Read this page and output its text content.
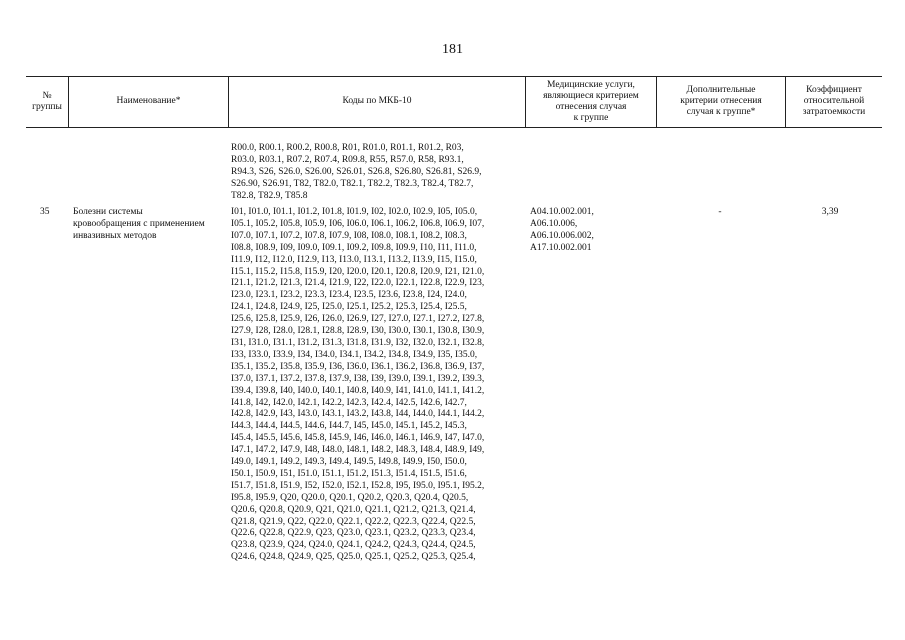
181
№
группы
Наименование*	Коды по МКБ-10
Медицинские услуги,
являющиеся критерием
отнесения случая
к группе
Дополнительные
критерии отнесения
случая к группе*
Коэффициент
относительной
затратоемкости
R00.0, R00.1, R00.2, R00.8, R01, R01.0, R01.1, R01.2, R03,
R03.0, R03.1, R07.2, R07.4, R09.8, R55, R57.0, R58, R93.1,
R94.3, S26, S26.0, S26.00, S26.01, S26.8, S26.80, S26.81, S26.9,
S26.90, S26.91, T82, T82.0, T82.1, T82.2, T82.3, T82.4, T82.7,
T82.8, T82.9, T85.8
35 Болезни системы
кровообращения с применением
инвазивных методов
I01, I01.0, I01.1, I01.2, I01.8, I01.9, I02, I02.0, I02.9, I05, I05.0,
I05.1, I05.2, I05.8, I05.9, I06, I06.0, I06.1, I06.2, I06.8, I06.9, I07,
I07.0, I07.1, I07.2, I07.8, I07.9, I08, I08.0, I08.1, I08.2, I08.3,
I08.8, I08.9, I09, I09.0, I09.1, I09.2, I09.8, I09.9, I10, I11, I11.0,
I11.9, I12, I12.0, I12.9, I13, I13.0, I13.1, I13.2, I13.9, I15, I15.0,
I15.1, I15.2, I15.8, I15.9, I20, I20.0, I20.1, I20.8, I20.9, I21, I21.0,
I21.1, I21.2, I21.3, I21.4, I21.9, I22, I22.0, I22.1, I22.8, I22.9, I23,
I23.0, I23.1, I23.2, I23.3, I23.4, I23.5, I23.6, I23.8, I24, I24.0,
I24.1, I24.8, I24.9, I25, I25.0, I25.1, I25.2, I25.3, I25.4, I25.5,
I25.6, I25.8, I25.9, I26, I26.0, I26.9, I27, I27.0, I27.1, I27.2, I27.8,
I27.9, I28, I28.0, I28.1, I28.8, I28.9, I30, I30.0, I30.1, I30.8, I30.9,
I31, I31.0, I31.1, I31.2, I31.3, I31.8, I31.9, I32, I32.0, I32.1, I32.8,
I33, I33.0, I33.9, I34, I34.0, I34.1, I34.2, I34.8, I34.9, I35, I35.0,
I35.1, I35.2, I35.8, I35.9, I36, I36.0, I36.1, I36.2, I36.8, I36.9, I37,
I37.0, I37.1, I37.2, I37.8, I37.9, I38, I39, I39.0, I39.1, I39.2, I39.3,
I39.4, I39.8, I40, I40.0, I40.1, I40.8, I40.9, I41, I41.0, I41.1, I41.2,
I41.8, I42, I42.0, I42.1, I42.2, I42.3, I42.4, I42.5, I42.6, I42.7,
I42.8, I42.9, I43, I43.0, I43.1, I43.2, I43.8, I44, I44.0, I44.1, I44.2,
I44.3, I44.4, I44.5, I44.6, I44.7, I45, I45.0, I45.1, I45.2, I45.3,
I45.4, I45.5, I45.6, I45.8, I45.9, I46, I46.0, I46.1, I46.9, I47, I47.0,
I47.1, I47.2, I47.9, I48, I48.0, I48.1, I48.2, I48.3, I48.4, I48.9, I49,
I49.0, I49.1, I49.2, I49.3, I49.4, I49.5, I49.8, I49.9, I50, I50.0,
I50.1, I50.9, I51, I51.0, I51.1, I51.2, I51.3, I51.4, I51.5, I51.6,
I51.7, I51.8, I51.9, I52, I52.0, I52.1, I52.8, I95, I95.0, I95.1, I95.2,
I95.8, I95.9, Q20, Q20.0, Q20.1, Q20.2, Q20.3, Q20.4, Q20.5,
Q20.6, Q20.8, Q20.9, Q21, Q21.0, Q21.1, Q21.2, Q21.3, Q21.4,
Q21.8, Q21.9, Q22, Q22.0, Q22.1, Q22.2, Q22.3, Q22.4, Q22.5,
Q22.6, Q22.8, Q22.9, Q23, Q23.0, Q23.1, Q23.2, Q23.3, Q23.4,
Q23.8, Q23.9, Q24, Q24.0, Q24.1, Q24.2, Q24.3, Q24.4, Q24.5,
Q24.6, Q24.8, Q24.9, Q25, Q25.0, Q25.1, Q25.2, Q25.3, Q25.4,
A04.10.002.001,
A06.10.006,
A06.10.006.002,
A17.10.002.001
-	3,39
